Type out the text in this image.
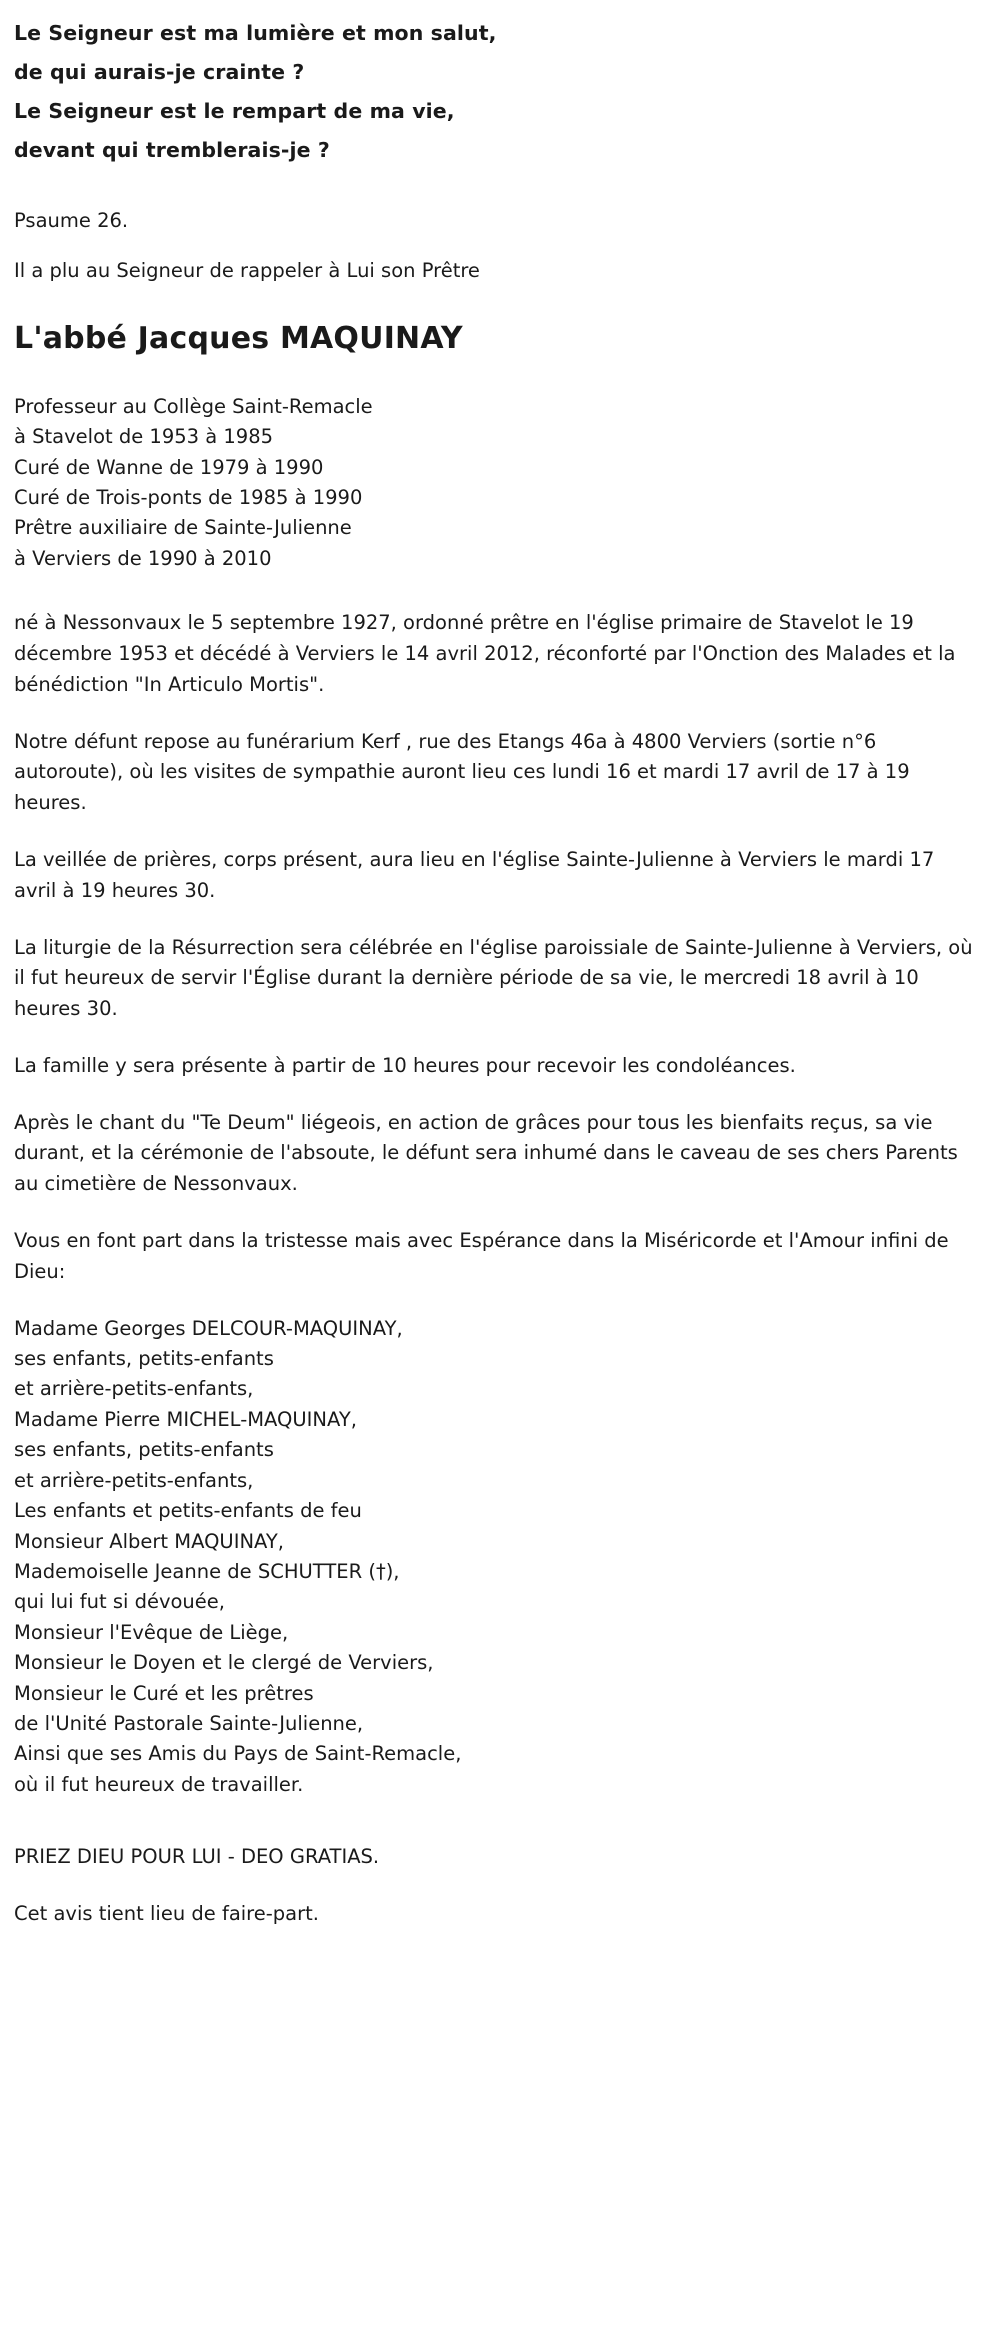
Le Seigneur est ma lumière et mon salut,
de qui aurais-je crainte ?
Le Seigneur est le rempart de ma vie,
devant qui tremblerais-je ?

Psaume 26.

Il a plu au Seigneur de rappeler à Lui son Prêtre

L'abbé Jacques MAQUINAY
Professeur au Collège Saint-Remacle
à Stavelot de 1953 à 1985
Curé de Wanne de 1979 à 1990
Curé de Trois-ponts de 1985 à 1990
Prêtre auxiliaire de Sainte-Julienne
à Verviers de 1990 à 2010

né à Nessonvaux le 5 septembre 1927, ordonné prêtre en l'église primaire de Stavelot le 19 décembre 1953 et décédé à Verviers le 14 avril 2012, réconforté par l'Onction des Malades et la bénédiction "In Articulo Mortis".

Notre défunt repose au funérarium Kerf , rue des Etangs 46a à 4800 Verviers (sortie n°6 autoroute), où les visites de sympathie auront lieu ces lundi 16 et mardi 17 avril de 17 à 19 heures.

La veillée de prières, corps présent, aura lieu en l'église Sainte-Julienne à Verviers le mardi 17 avril à 19 heures 30.

La liturgie de la Résurrection sera célébrée en l'église paroissiale de Sainte-Julienne à Verviers, où il fut heureux de servir l'Église durant la dernière période de sa vie, le mercredi 18 avril à 10 heures 30.

La famille y sera présente à partir de 10 heures pour recevoir les condoléances.

Après le chant du "Te Deum" liégeois, en action de grâces pour tous les bienfaits reçus, sa vie durant, et la cérémonie de l'absoute, le défunt sera inhumé dans le caveau de ses chers Parents au cimetière de Nessonvaux.

Vous en font part dans la tristesse mais avec Espérance dans la Miséricorde et l'Amour infini de Dieu:

Madame Georges DELCOUR-MAQUINAY,
ses enfants, petits-enfants
et arrière-petits-enfants,
Madame Pierre MICHEL-MAQUINAY,
ses enfants, petits-enfants
et arrière-petits-enfants,
Les enfants et petits-enfants de feu
Monsieur Albert MAQUINAY,
Mademoiselle Jeanne de SCHUTTER (†),
qui lui fut si dévouée,
Monsieur l'Evêque de Liège,
Monsieur le Doyen et le clergé de Verviers,
Monsieur le Curé et les prêtres
de l'Unité Pastorale Sainte-Julienne,
Ainsi que ses Amis du Pays de Saint-Remacle,
où il fut heureux de travailler.
PRIEZ DIEU POUR LUI - DEO GRATIAS.
Cet avis tient lieu de faire-part.
